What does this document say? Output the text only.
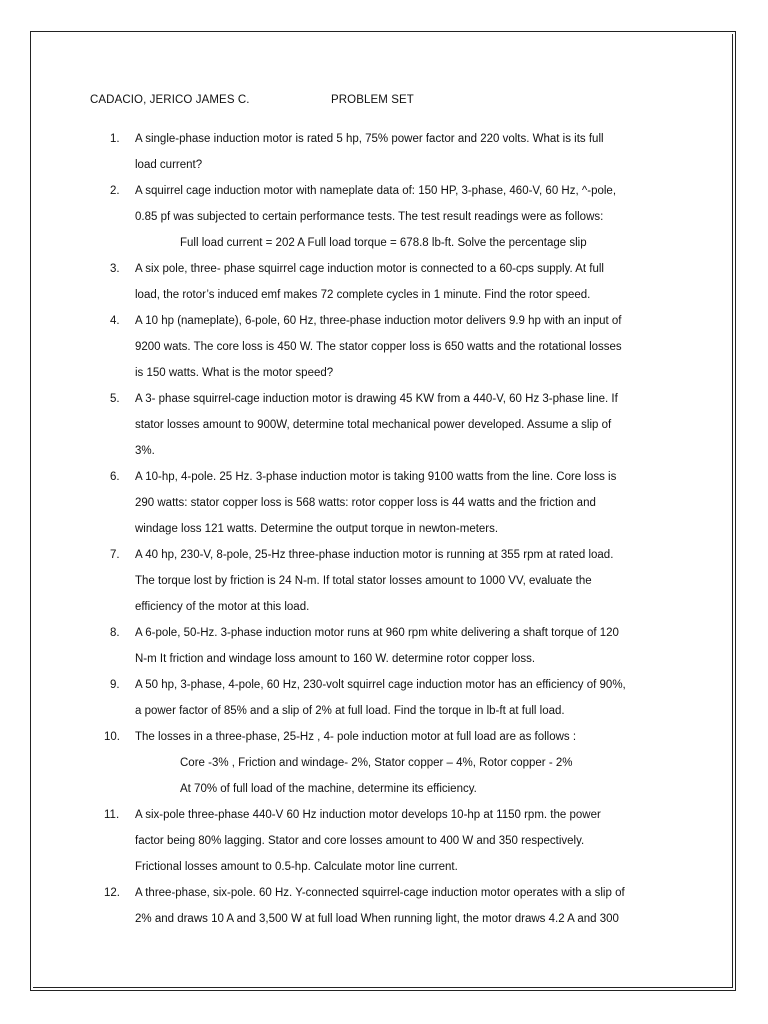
CADACIO, JERICO JAMES C.	PROBLEM SET
1.	A single-phase induction motor is rated 5 hp, 75% power factor and 220 volts. What is its full
load current?
2.	A squirrel cage induction motor with nameplate data of: 150 HP, 3-phase, 460-V, 60 Hz, ^-pole,
0.85 pf was subjected to certain performance tests. The test result readings were as follows:
Full load current = 202 A Full load torque = 678.8 lb-ft. Solve the percentage slip
3.	A six pole, three- phase squirrel cage induction motor is connected to a 60-cps supply. At full
load, the rotor’s induced emf makes 72 complete cycles in 1 minute. Find the rotor speed.
4.	A 10 hp (nameplate), 6-pole, 60 Hz, three-phase induction motor delivers 9.9 hp with an input of
9200 wats. The core loss is 450 W. The stator copper loss is 650 watts and the rotational losses
is 150 watts. What is the motor speed?
5.	A 3- phase squirrel-cage induction motor is drawing 45 KW from a 440-V, 60 Hz 3-phase line. If
stator losses amount to 900W, determine total mechanical power developed. Assume a slip of
3%.
6.	A 10-hp, 4-pole. 25 Hz. 3-phase induction motor is taking 9100 watts from the line. Core loss is
290 watts: stator copper loss is 568 watts: rotor copper loss is 44 watts and the friction and
windage loss 121 watts. Determine the output torque in newton-meters.
7.	A 40 hp, 230-V, 8-pole, 25-Hz three-phase induction motor is running at 355 rpm at rated load.
The torque lost by friction is 24 N-m. If total stator losses amount to 1000 VV, evaluate the
efficiency of the motor at this load.
8.	A 6-pole, 50-Hz. 3-phase induction motor runs at 960 rpm white delivering a shaft torque of 120
N-m It friction and windage loss amount to 160 W. determine rotor copper loss.
9.	A 50 hp, 3-phase, 4-pole, 60 Hz, 230-volt squirrel cage induction motor has an efficiency of 90%,
a power factor of 85% and a slip of 2% at full load. Find the torque in lb-ft at full load.
10.	The losses in a three-phase, 25-Hz , 4- pole induction motor at full load are as follows :
Core -3% , Friction and windage- 2%, Stator copper – 4%, Rotor copper - 2%
At 70% of full load of the machine, determine its efficiency.
11.	A six-pole three-phase 440-V 60 Hz induction motor develops 10-hp at 1150 rpm. the power
factor being 80% lagging. Stator and core losses amount to 400 W and 350 respectively.
Frictional losses amount to 0.5-hp. Calculate motor line current.
12.	A three-phase, six-pole. 60 Hz. Y-connected squirrel-cage induction motor operates with a slip of
2% and draws 10 A and 3,500 W at full load When running light, the motor draws 4.2 A and 300
